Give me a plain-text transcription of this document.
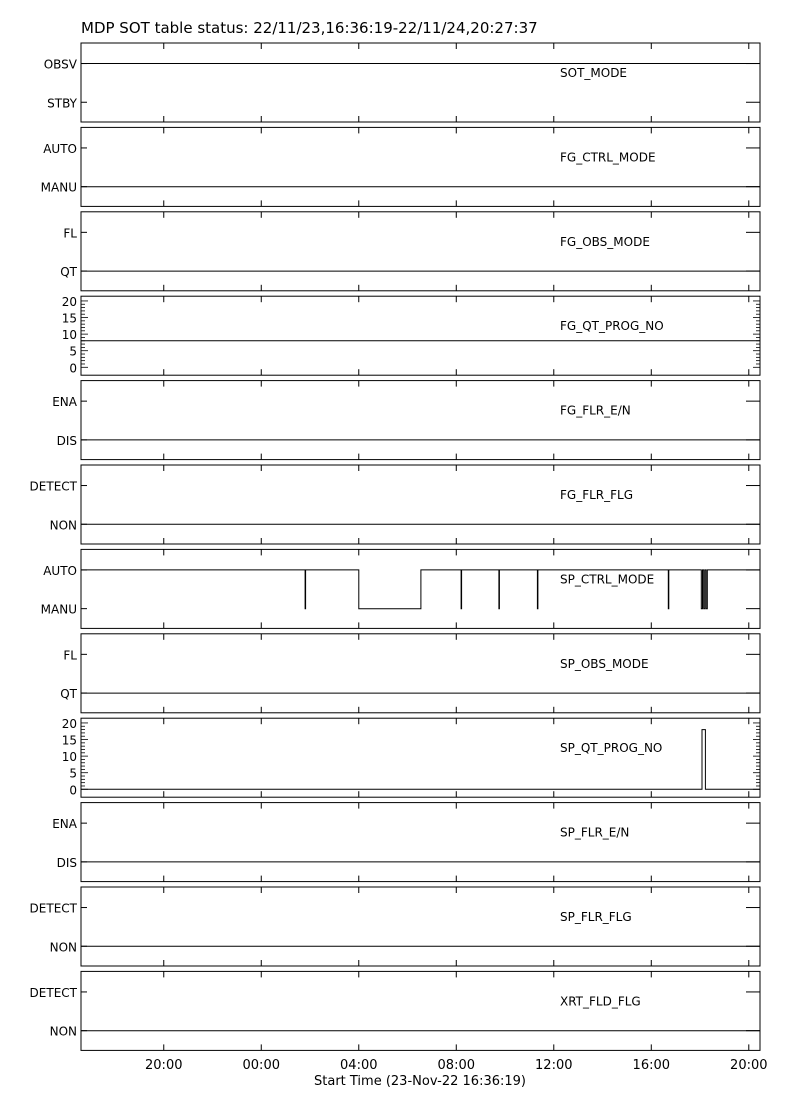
MDP SOT table status: 22/11/23,16:36:19-22/11/24,20:27:37
OBSV
STBY
SOT_MODE
AUTO
MANU
FG_CTRL_MODE
FL
QT
FG_OBS_MODE
20
15
10
5
0
FG_QT_PROG_NO
ENA
DIS
FG_FLR_E/N
DETECT
NON
FG_FLR_FLG
AUTO
MANU
SP_CTRL_MODE
FL
QT
SP_OBS_MODE
20
15
10
5
0
SP_QT_PROG_NO
ENA
DIS
SP_FLR_E/N
DETECT
NON
SP_FLR_FLG
DETECT
NON
XRT_FLD_FLG
20:00	00:00	04:00	08:00	12:00	16:00	20:00
Start Time (23-Nov-22 16:36:19)
